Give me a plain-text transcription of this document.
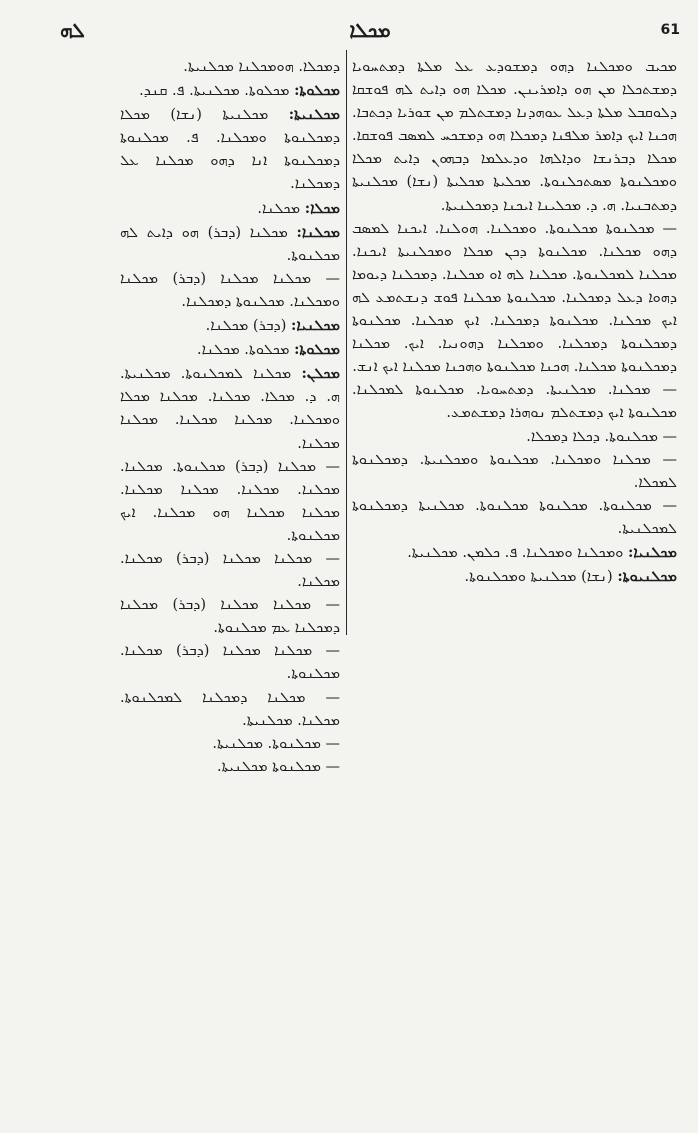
ܠܗ	ܡܟܠܐ	61

ܡܟܝܒ ܘܡܟܠܢܐ ܕܗܘ ܕܡܫܘܕܥ ܥܠ ܡܠܬܐ ܕܡܬܚܘܝܐ ܕܡܫܬܟܠܐ ܡܢ ܗܘ ܕܐܡܪܝܢܢ. ܡܟܠܐ ܗܘ ܕܐܝܬ ܠܗ ܦܘܫܩܐ ܕܠܘܩܒܠ ܡܠܬܐ ܕܥܠ ܥܘܗܕܢܐ ܕܡܫܬܠܡ ܡܢ ܫܘܪܝܐ ܕܟܬܒܐ. ܗܟܢܐ ܐܝܟ ܕܐܡܪ ܡܠܦܢܐ ܕܡܟܠܐ ܗܘ ܕܡܫܟܚ ܠܡܣܒ ܦܘܫܩܐ. ܡܟܠܐ ܕܒܪܢܫܐ ܘܕܐܠܗܐ ܘܕܥܠܡܐ ܕܒܗܘܢ ܕܐܝܬ ܡܟܠܐ ܘܡܟܠܢܘܬܐ ܡܣܬܟܠܢܘܬܐ. ܡܟܠܝܬܐ ܡܟܠܝܬܐ (ܢܫܐ) ܡܟܠܢܝܬܐ ܕܡܬܒܢܝܐ. ܗ. ܕ. ܡܟܠܝܢܐ ܐܝܟܢܐ ܕܡܟܠܢܝܬܐ.

— ܡܟܠܢܘܬܐ ܡܟܠܢܘܬܐ. ܘܡܟܠܢܐ. ܗܘܠܢܐ. ܐܝܟܢܐ ܠܡܣܒ ܕܗܘ ܡܟܠܢܐ. ܡܟܠܢܘܬܐ ܕܟܢ ܡܟܠܐ ܘܡܟܠܢܝܬܐ ܐܝܟܢܐ. ܡܟܠܢܐ ܠܡܟܠܢܘܬܐ. ܡܟܠܢܐ ܠܗ ܐܘ ܡܟܠܢܐ. ܕܡܟܠܢܐ ܕܝܘܡܐ ܕܗܘܐ ܕܥܠ ܕܡܟܠܢܐ. ܡܟܠܢܘܬܐ ܡܟܠܢܐ ܦܘܫ ܕܢܫܬܡܥ ܠܗ ܐܝܟ ܡܟܠܢܐ. ܡܟܠܢܘܬܐ ܕܡܟܠܢܐ. ܐܝܟ ܡܟܠܢܐ. ܡܟܠܢܘܬܐ ܕܡܟܠܢܘܬܐ ܕܡܟܠܢܐ. ܘܡܟܠܢܐ ܕܗܘܢܝܐ. ܐܝܟ. ܡܟܠܢܐ ܕܡܟܠܢܘܬܐ ܡܟܠܢܐ. ܗܟܢܐ ܡܟܠܢܘܬܐ ܘܗܟܢܐ ܡܟܠܢܐ ܐܝܟ ܐܢܫ.

— ܡܟܠܢܐ. ܡܟܠܢܝܬܐ. ܕܡܬܚܘܝܐ. ܡܟܠܢܘܬܐ ܠܡܟܠܢܐ. ܡܟܠܢܘܬܐ ܐܝܟ ܕܡܫܬܠܡ ܢܘܗܪܐ ܕܡܫܬܡܥ.

— ܡܟܠܢܘܬܐ. ܕܟܠܐ ܕܡܟܠܐ.

— ܡܟܠܢܐ ܘܡܟܠܢܐ. ܡܟܠܢܘܬܐ ܘܡܟܠܢܝܬܐ. ܕܡܟܠܢܘܬܐ ܠܡܟܠܐ.

— ܡܟܠܢܘܬܐ. ܡܟܠܢܘܬܐ ܡܟܠܢܘܬܐ. ܡܟܠܢܝܬܐ ܕܡܟܠܢܘܬܐ ܠܡܟܠܢܝܬܐ.

ܡܟܠܢܝܐ: ܘܡܟܠܢܐ ܘܡܟܠܢܐ. ܦ. ܟܠܡܢ. ܡܟܠܢܝܬܐ.

ܡܟܠܢܝܘܬܐ: (ܢܫܐ) ܡܟܠܢܝܬܐ ܘܡܟܠܢܘܬܐ.

ܕܡܟܠܐ. ܗܘܡܟܠܢܐ ܡܟܠܢܝܬܐ.

ܡܟܠܘܬܐ: ܡܟܠܘܬܐ. ܡܟܠܢܝܬܐ. ܦ. ܩܢܕ.

ܡܟܠܢܝܬܐ: ܡܟܠܢܝܬܐ (ܢܫܐ) ܡܟܠܐ ܕܡܟܠܢܘܬܐ ܘܡܟܠܢܐ. ܦ. ܡܟܠܢܘܬܐ ܕܡܟܠܢܘܬܐ ܐܢܐ ܕܗܘ ܡܟܠܢܐ ܥܠ ܕܡܟܠܢܐ.

ܡܟܠܐ: ܡܟܠܢܐ.

ܡܟܠܢܐ: ܡܟܠܢܐ (ܕܒܪ) ܗܘ ܕܐܝܬ ܠܗ ܡܟܠܢܘܬܐ.

— ܡܟܠܢܐ ܡܟܠܢܐ (ܕܒܪ) ܡܟܠܢܐ ܘܡܟܠܢܐ. ܡܟܠܢܘܬܐ ܕܡܟܠܢܐ.

ܡܟܠܢܝܐ: (ܕܒܪ) ܡܟܠܢܐ.

ܡܟܠܘܬܐ: ܡܟܠܘܬܐ. ܡܟܠܢܐ.

ܡܟܠܢ: ܡܟܠܢܐ ܠܡܟܠܢܘܬܐ. ܡܟܠܢܝܬܐ. ܗ. ܕ. ܡܟܠܐ. ܡܟܠܢܐ. ܡܟܠܢܐ ܡܟܠܐ ܘܡܟܠܢܐ. ܡܟܠܢܐ ܡܟܠܢܐ. ܡܟܠܢܐ ܡܟܠܢܐ.

— ܡܟܠܢܐ (ܕܒܪ) ܡܟܠܢܘܬܐ. ܡܟܠܢܐ. ܡܟܠܢܐ. ܡܟܠܢܐ. ܡܟܠܢܐ ܡܟܠܢܐ. ܡܟܠܢܐ ܡܟܠܢܐ ܗܘ ܡܟܠܢܐ. ܐܝܟ ܡܟܠܢܘܬܐ.

— ܡܟܠܢܐ ܡܟܠܢܐ (ܕܒܪ) ܡܟܠܢܐ. ܡܟܠܢܐ.

— ܡܟܠܢܐ ܡܟܠܢܐ (ܕܒܪ) ܡܟܠܢܐ ܕܡܟܠܢܐ ܥܡ ܡܟܠܢܘܬܐ.

— ܡܟܠܢܐ ܡܟܠܢܐ (ܕܒܪ) ܡܟܠܢܐ. ܡܟܠܢܘܬܐ.

— ܡܟܠܢܐ ܕܡܟܠܢܐ ܠܡܟܠܢܘܬܐ. ܡܟܠܢܐ. ܡܟܠܢܝܬܐ.

— ܡܟܠܢܘܬܐ. ܡܟܠܢܝܬܐ.

— ܡܟܠܢܘܬܐ ܡܟܠܢܝܬܐ.
